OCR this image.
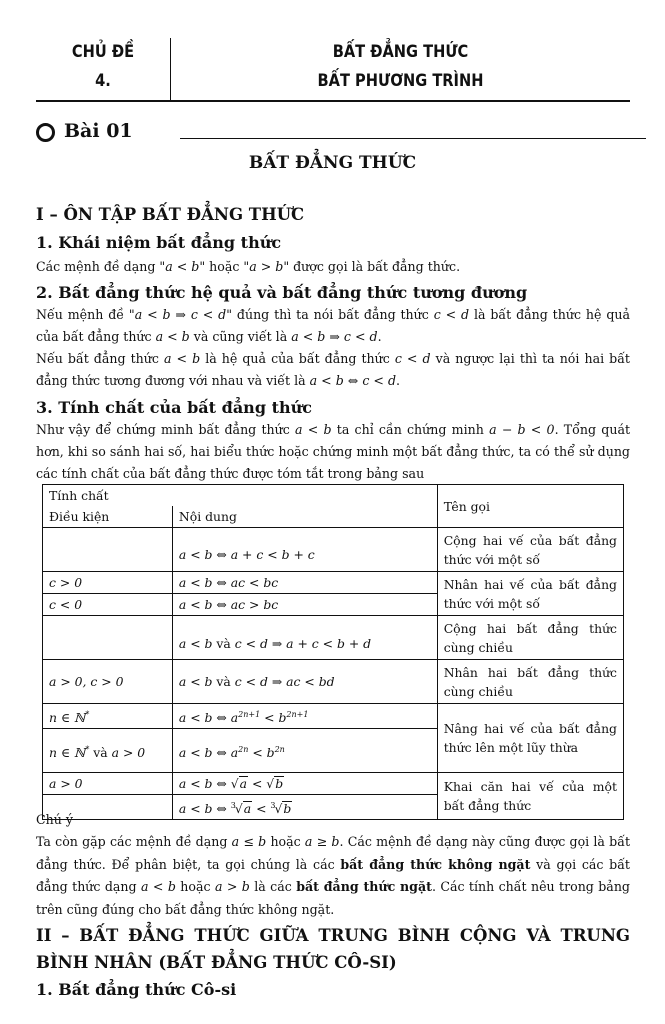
CHỦ ĐỀ
4.
BẤT ĐẲNG THỨC
BẤT PHƯƠNG TRÌNH
Bài 01
BẤT ĐẲNG THỨC
I – ÔN TẬP BẤT ĐẲNG THỨC
1. Khái niệm bất đẳng thức

Các mệnh đề dạng "a < b" hoặc "a > b" được gọi là bất đẳng thức.

2. Bất đẳng thức hệ quả và bất đẳng thức tương đương

Nếu mệnh đề "a < b ⇒ c < d" đúng thì ta nói bất đẳng thức c < d là bất đẳng thức hệ quả của bất đẳng thức a < b và cũng viết là a < b ⇒ c < d.

Nếu bất đẳng thức a < b là hệ quả của bất đẳng thức c < d và ngược lại thì ta nói hai bất đẳng thức tương đương với nhau và viết là a < b ⇔ c < d.

3. Tính chất của bất đẳng thức

Như vậy để chứng minh bất đẳng thức a < b ta chỉ cần chứng minh a − b < 0. Tổng quát hơn, khi so sánh hai số, hai biểu thức hoặc chứng minh một bất đẳng thức, ta có thể sử dụng các tính chất của bất đẳng thức được tóm tắt trong bảng sau

Tính chất		Tên gọi
Điều kiện	Nội dung	
	a < b ⇔ a + c < b + c	Cộng hai vế của bất đẳng thức với một số
c > 0	a < b ⇔ ac < bc	Nhân hai vế của bất đẳng thức với một số
c < 0	a < b ⇔ ac > bc	
	a < b và c < d ⇒ a + c < b + d	Cộng hai bất đẳng thức cùng chiều
a > 0, c > 0	a < b và c < d ⇒ ac < bd	Nhân hai bất đẳng thức cùng chiều
n ∈ ℕ*	a < b ⇔ $a^{2n+1} < b^{2n+1}$	Nâng hai vế của bất đẳng thức lên một lũy thừa
n ∈ ℕ* và a > 0	a < b ⇔ $a^{2n} < b^{2n}$
a > 0	a < b ⇔ √a < √b	Khai căn hai vế của một bất đẳng thức
	a < b ⇔ $^3$√a < $^3$√b	
Chú ý

Ta còn gặp các mệnh đề dạng a ≤ b hoặc a ≥ b. Các mệnh đề dạng này cũng được gọi là bất đẳng thức. Để phân biệt, ta gọi chúng là các bất đẳng thức không ngặt và gọi các bất đẳng thức dạng a < b hoặc a > b là các bất đẳng thức ngặt. Các tính chất nêu trong bảng trên cũng đúng cho bất đẳng thức không ngặt.

II – BẤT ĐẲNG THỨC GIỮA TRUNG BÌNH CỘNG VÀ TRUNG
BÌNH NHÂN (BẤT ĐẲNG THỨC CÔ-SI)
1. Bất đẳng thức Cô-si
